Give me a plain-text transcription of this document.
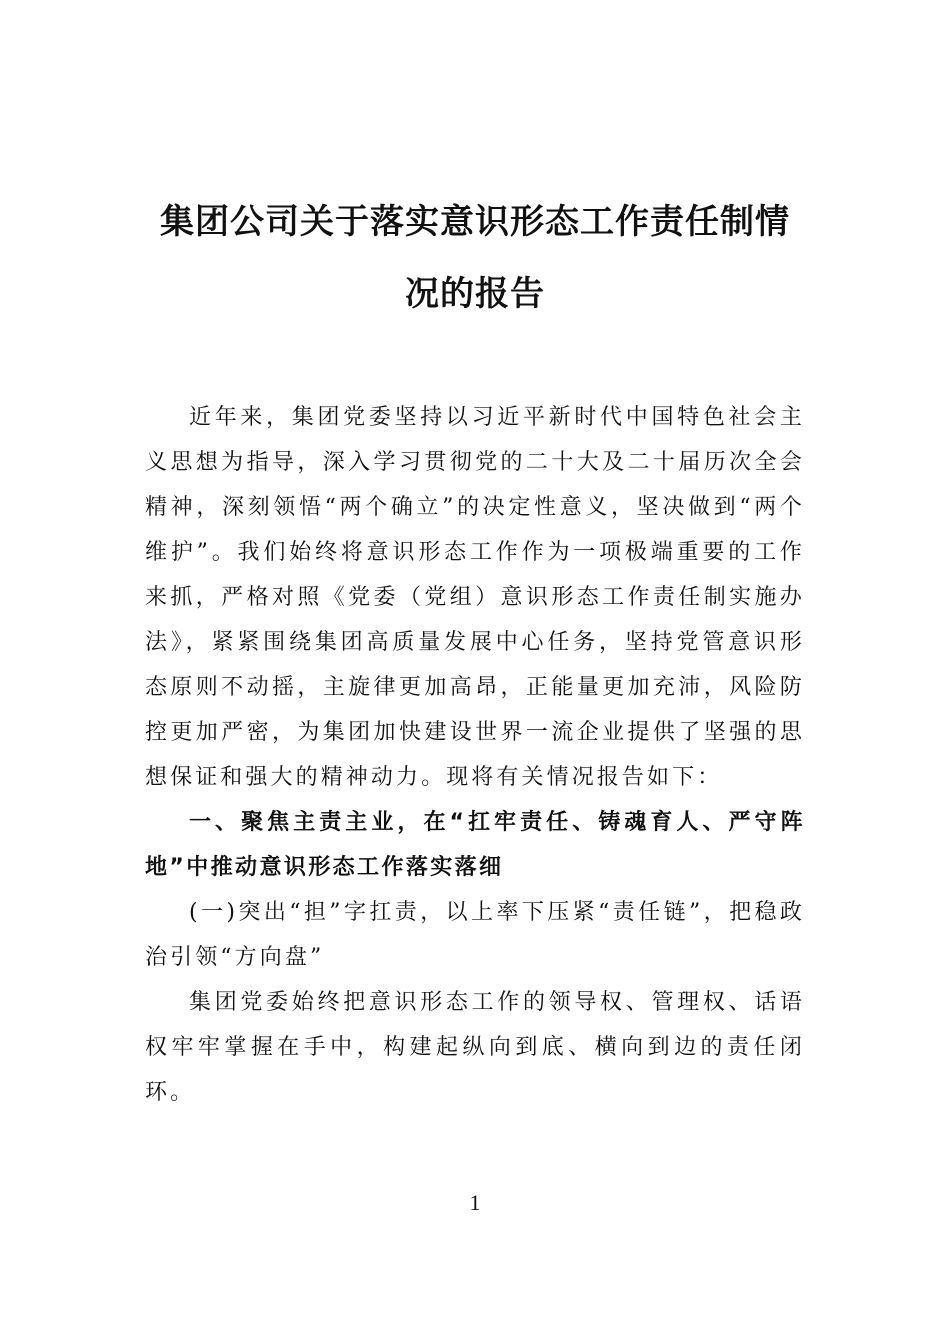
集团公司关于落实意识形态工作责任制情
况的报告

近年来，集团党委坚持以习近平新时代中国特色社会主义思想为指导，深入学习贯彻党的二十大及二十届历次全会精神，深刻领悟“两个确立”的决定性意义，坚决做到“两个维护”。我们始终将意识形态工作作为一项极端重要的工作来抓，严格对照《党委（党组）意识形态工作责任制实施办法》，紧紧围绕集团高质量发展中心任务，坚持党管意识形态原则不动摇，主旋律更加高昂，正能量更加充沛，风险防控更加严密，为集团加快建设世界一流企业提供了坚强的思想保证和强大的精神动力。现将有关情况报告如下：

一、聚焦主责主业，在“扛牢责任、铸魂育人、严守阵地”中推动意识形态工作落实落细

(一)突出“担”字扛责，以上率下压紧“责任链”，把稳政治引领“方向盘”

集团党委始终把意识形态工作的领导权、管理权、话语权牢牢掌握在手中，构建起纵向到底、横向到边的责任闭环。

1
